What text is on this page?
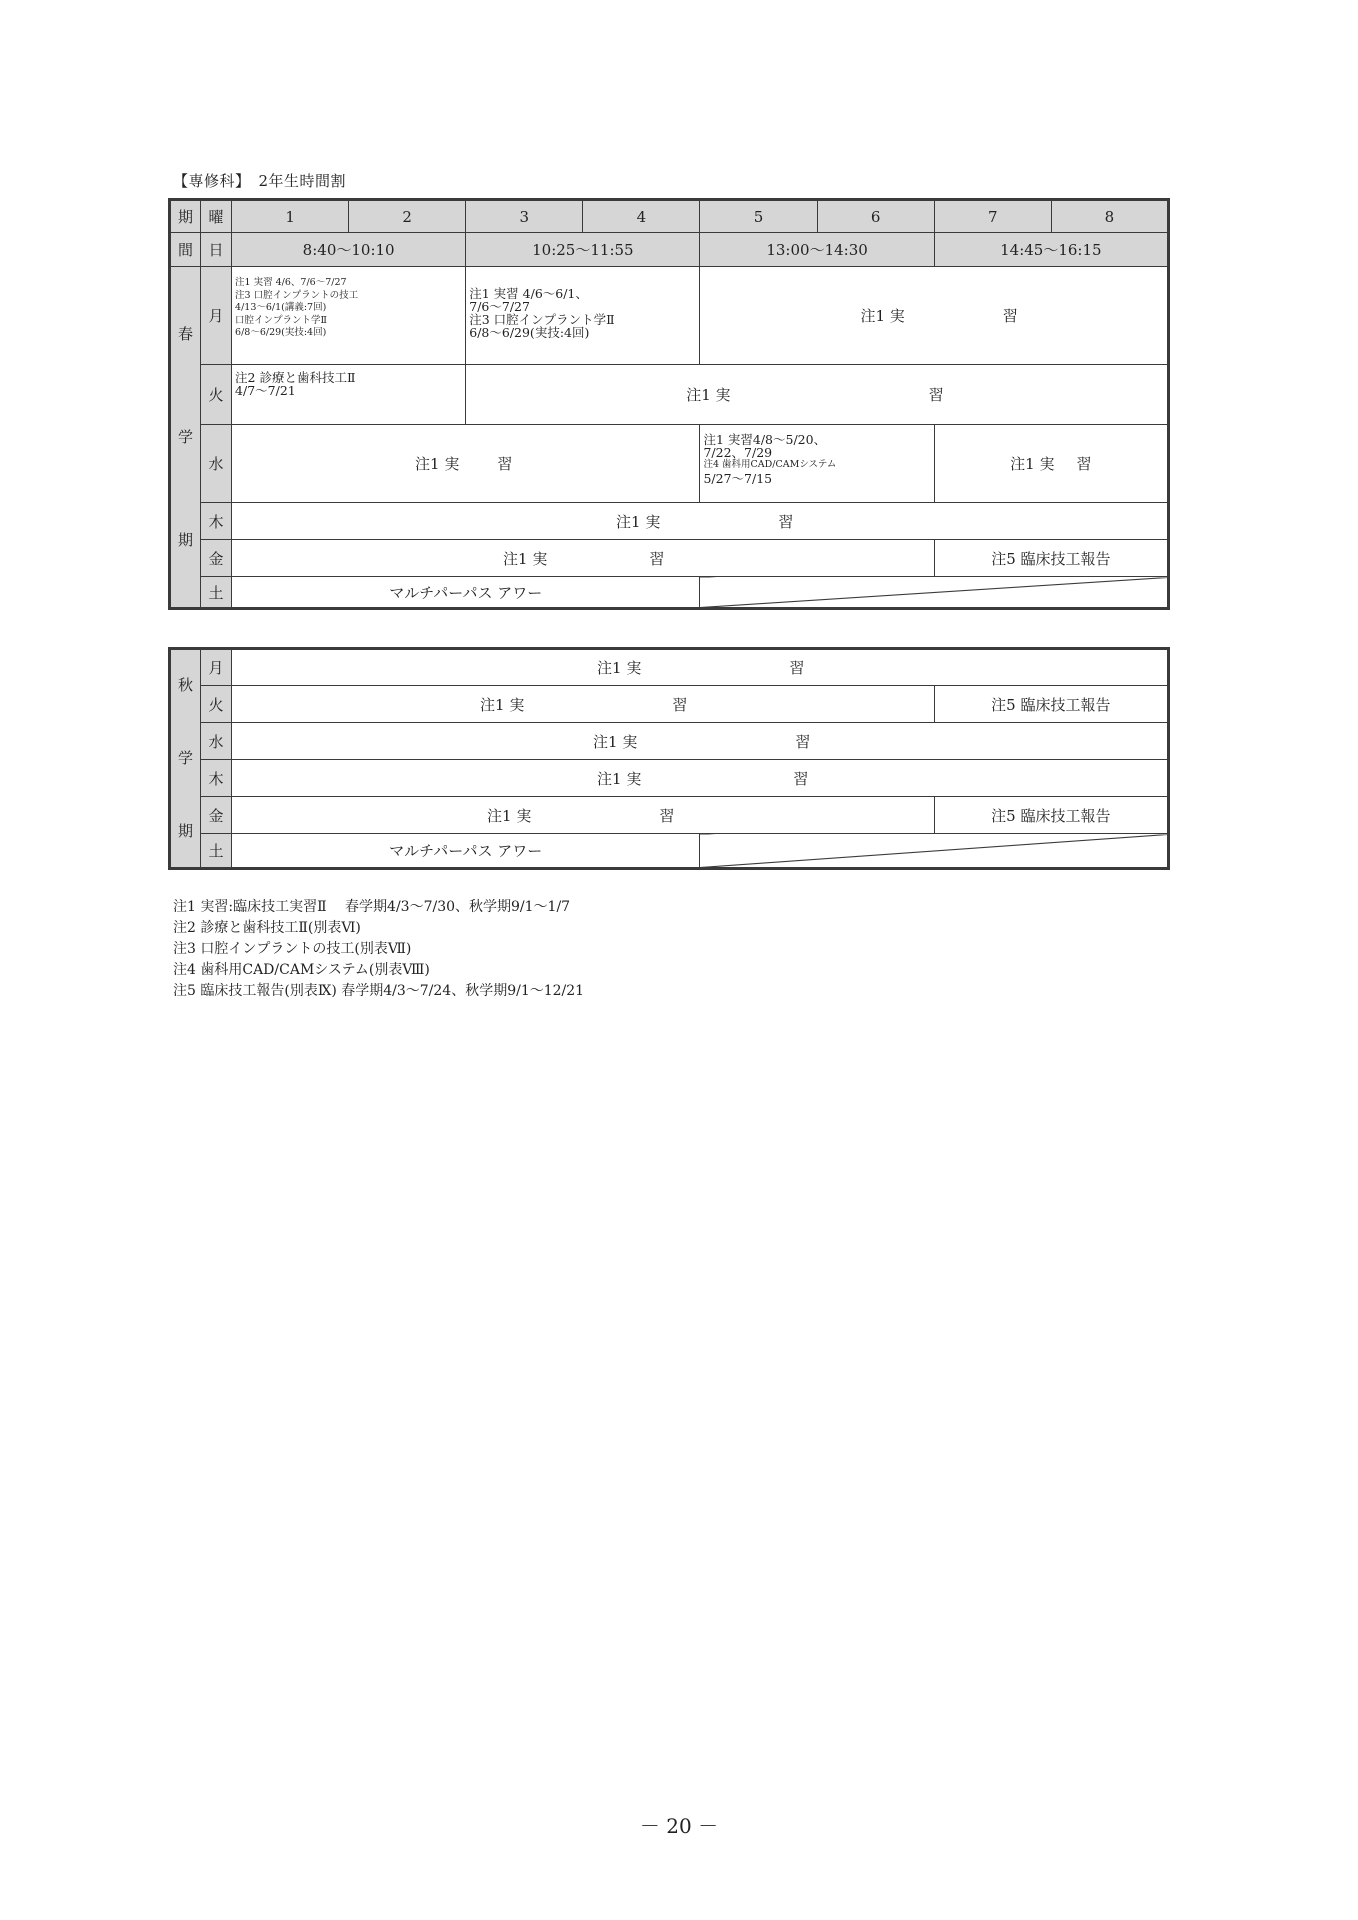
【専修科】　2年生時間割
期	曜	1	2	3	4	5	6	7	8
間	日	8:40～10:10		10:25～11:55		13:00～14:30		14:45～16:15	

春
学
期	月	注1 実習 4/6、7/6～7/27
注3 口腔インプラントの技工
4/13～6/1(講義:7回)
口腔インプラント学Ⅱ
6/8～6/29(実技:4回)		注1 実習 4/6～6/1、
7/6～7/27
注3 口腔インプラント学Ⅱ
6/8～6/29(実技:4回)		注1 実 習			

	火	注2 診療と歯科技工Ⅱ
4/7～7/21		注1 実 習					

	水	注1 実 習				注1 実習4/8～5/20、
7/22、7/29
注4 歯科用CAD/CAMシステム
5/27～7/15		注1 実 習	

	木	注1 実 習							

	金	注1 実 習						注5 臨床技工報告	
	土	マルチパーパス アワー							
秋
学
期	月	注1 実 習		

	火	注1 実 習		注5 臨床技工報告
	水	注1 実 習		

	木	注1 実 習		

	金	注1 実 習		注5 臨床技工報告
	土	マルチパーパス アワー		
注1 実習:臨床技工実習Ⅱ　 春学期4/3～7/30、秋学期9/1～1/7
注2 診療と歯科技工Ⅱ(別表Ⅵ)
注3 口腔インプラントの技工(別表Ⅶ)
注4 歯科用CAD/CAMシステム(別表Ⅷ)
注5 臨床技工報告(別表Ⅸ) 春学期4/3～7/24、秋学期9/1～12/21
－ 20 －
